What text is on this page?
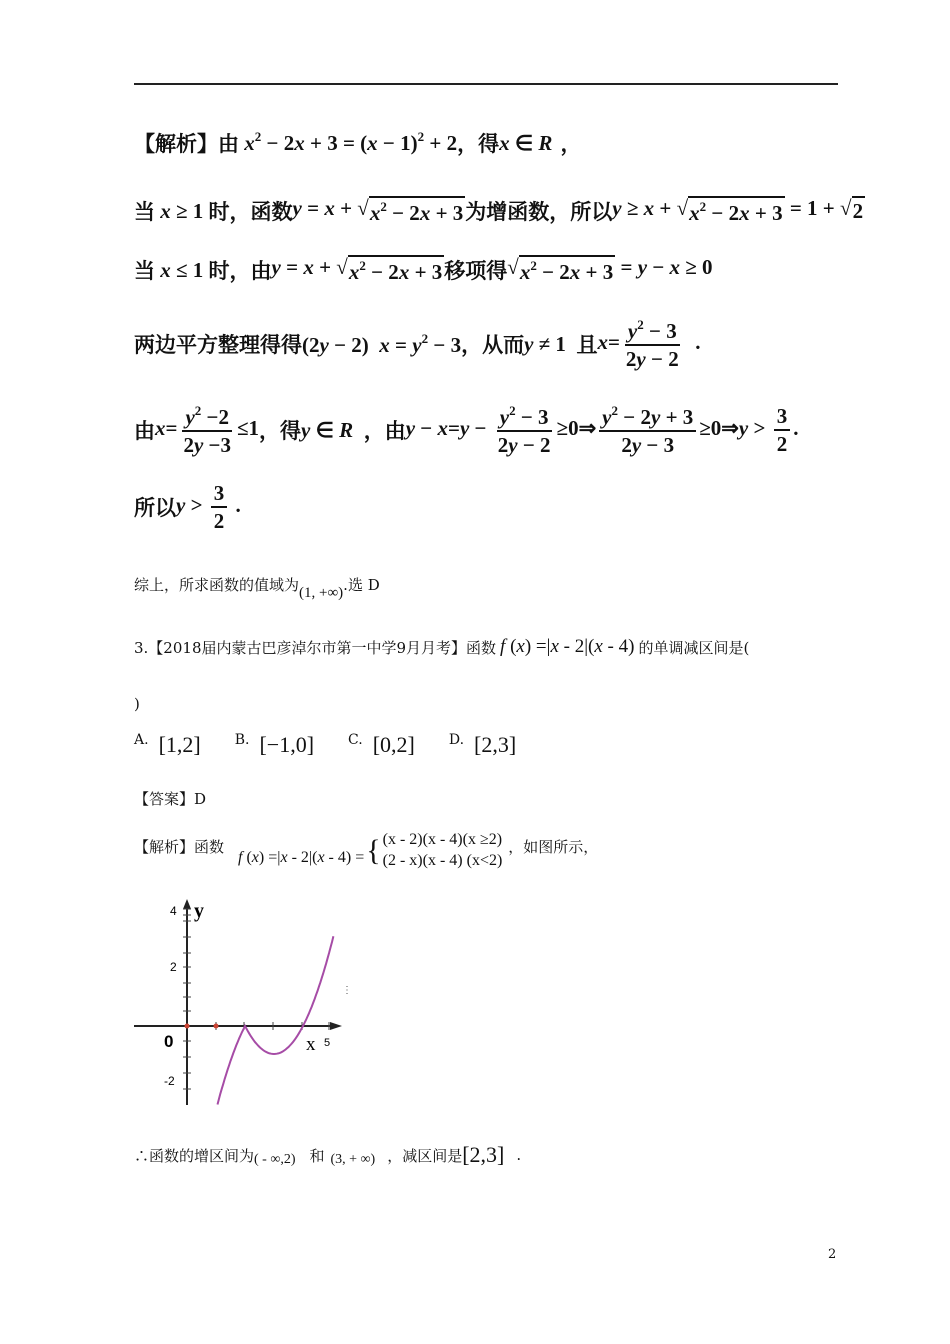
【解析】 由 $x^2 - 2x + 3 = (x - 1)^2 + 2$ ，得 x ∈ R ，
当 x ≥ 1 时，函数 y = x + √ $x^2 - 2x + 3$ 为增函数，所以 y ≥ x + √ $x^2 - 2x + 3 = 1$ + √ 2
当 x ≤ 1 时，由 y = x + √ $x^2 - 2x + 3$ 移项得 √ $x^2 - 2x + 3 = y - x \ge 0$
两边平方整理得得 (2y − 2)  $x = y^2 - 3$ ，从而 y ≠ 1 且 $x= \frac{y^2 - 3}{2y - 2}$ .
由 $x= \frac{y^2 -2}{2y -3} \le 1$ ，得 y ∈ R ，由 $y - x=y - \frac{y^2 - 3}{2y - 2}$ ≥0⇒ $\frac{y^2 - 2y + 3}{2y - 3}$ ≥0⇒y > $\frac{3}{2}$ .
所以 $y > \frac{3}{2}$ .
综上，所求函数的值域为 (1, +∞) .选 D
3.【2018届内蒙古巴彦淖尔市第一中学9月月考】函数 f (x) =|x - 2|(x - 4) 的单调减区间是(
)
A. [1,2] B. [−1,0] C. [0,2] D. [2,3]
【答案】D
【解析】函数
f (x) =|x - 2|(x - 4) = { (x - 2)(x - 4)(x ≥2)
(2 - x)(x - 4) (x<2)
，如图所示，
4
2
-2
y
0	x 5
⋮
∴函数的增区间为 ( - ∞,2) 和 (3, + ∞) ，减区间是 [2,3] .
2
